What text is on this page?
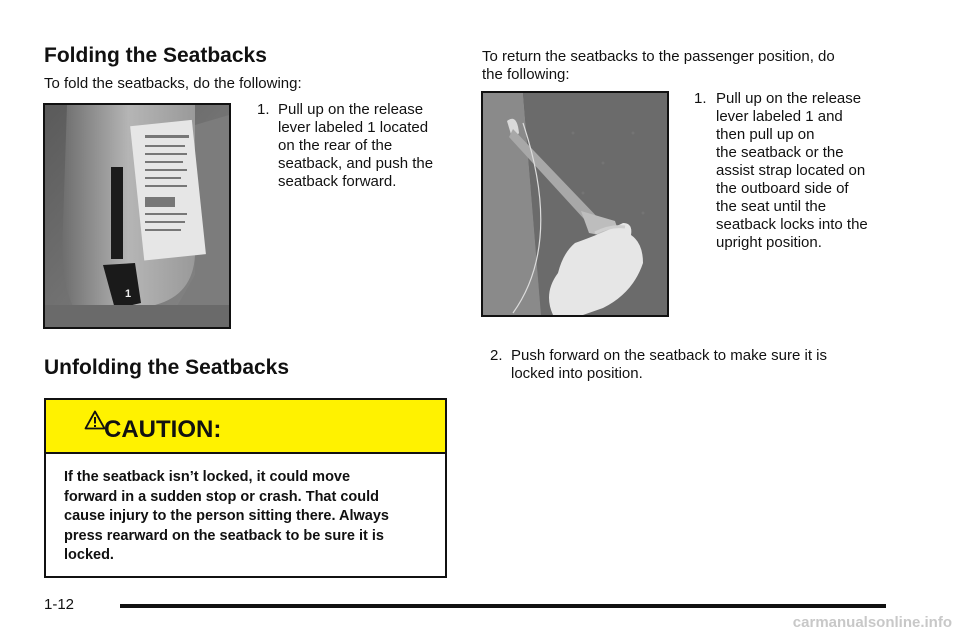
Folding the Seatbacks

To fold the seatbacks, do the following:

1
1. Pull up on the release
lever labeled 1 located
on the rear of the
seatback, and push the
seatback forward.
Unfolding the Seatbacks
CAUTION:
If the seatback isn’t locked, it could move
forward in a sudden stop or crash. That could
cause injury to the person sitting there. Always
press rearward on the seatback to be sure it is
locked.
To return the seatbacks to the passenger position, do
the following:
1. Pull up on the release
lever labeled 1 and
then pull up on
the seatback or the
assist strap located on
the outboard side of
the seat until the
seatback locks into the
upright position.
2. Push forward on the seatback to make sure it is
locked into position.
1-12
carmanualsonline.info
